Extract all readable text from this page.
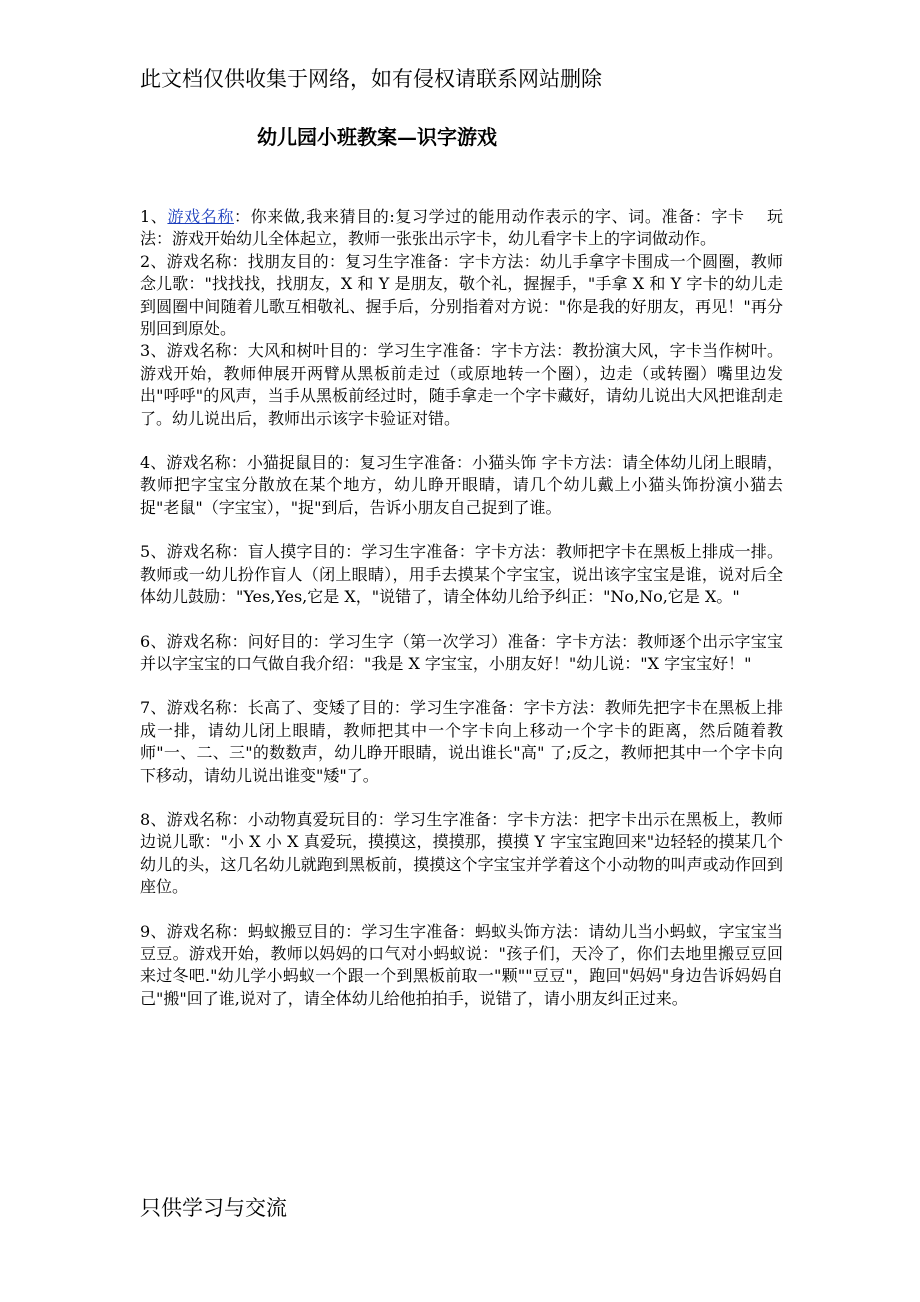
此文档仅供收集于网络，如有侵权请联系网站删除
幼儿园小班教案—识字游戏

1、游戏名称：你来做,我来猜目的:复习学过的能用动作表示的字、词。准备：字卡　 玩法：游戏开始幼儿全体起立，教师一张张出示字卡，幼儿看字卡上的字词做动作。

2、游戏名称：找朋友目的：复习生字准备：字卡方法：幼儿手拿字卡围成一个圆圈，教师念儿歌："找找找，找朋友，X 和 Y 是朋友，敬个礼，握握手，"手拿 X 和 Y 字卡的幼儿走到圆圈中间随着儿歌互相敬礼、握手后，分别指着对方说："你是我的好朋友，再见！"再分别回到原处。

3、游戏名称：大风和树叶目的：学习生字准备：字卡方法：教扮演大风，字卡当作树叶。游戏开始，教师伸展开两臂从黑板前走过（或原地转一个圈），边走（或转圈）嘴里边发出"呼呼"的风声，当手从黑板前经过时，随手拿走一个字卡藏好，请幼儿说出大风把谁刮走了。幼儿说出后，教师出示该字卡验证对错。

4、游戏名称：小猫捉鼠目的：复习生字准备：小猫头饰 字卡方法：请全体幼儿闭上眼睛，教师把字宝宝分散放在某个地方，幼儿睁开眼睛，请几个幼儿戴上小猫头饰扮演小猫去捉"老鼠"（字宝宝），"捉"到后，告诉小朋友自己捉到了谁。

5、游戏名称：盲人摸字目的：学习生字准备：字卡方法：教师把字卡在黑板上排成一排。教师或一幼儿扮作盲人（闭上眼睛），用手去摸某个字宝宝，说出该字宝宝是谁，说对后全体幼儿鼓励："Yes,Yes,它是 X，"说错了，请全体幼儿给予纠正："No,No,它是 X。"

6、游戏名称：问好目的：学习生字（第一次学习）准备：字卡方法：教师逐个出示字宝宝并以字宝宝的口气做自我介绍："我是 X 字宝宝，小朋友好！"幼儿说："X 字宝宝好！"

7、游戏名称：长高了、变矮了目的：学习生字准备：字卡方法：教师先把字卡在黑板上排成一排，请幼儿闭上眼睛，教师把其中一个字卡向上移动一个字卡的距离，然后随着教师"一、二、三"的数数声，幼儿睁开眼睛，说出谁长"高" 了;反之，教师把其中一个字卡向下移动，请幼儿说出谁变"矮"了。

8、游戏名称：小动物真爱玩目的：学习生字准备：字卡方法：把字卡出示在黑板上，教师边说儿歌："小 X 小 X 真爱玩，摸摸这，摸摸那，摸摸 Y 字宝宝跑回来"边轻轻的摸某几个幼儿的头，这几名幼儿就跑到黑板前，摸摸这个字宝宝并学着这个小动物的叫声或动作回到座位。

9、游戏名称：蚂蚁搬豆目的：学习生字准备：蚂蚁头饰方法：请幼儿当小蚂蚁，字宝宝当豆豆。游戏开始，教师以妈妈的口气对小蚂蚁说："孩子们，天冷了，你们去地里搬豆豆回来过冬吧."幼儿学小蚂蚁一个跟一个到黑板前取一"颗""豆豆"，跑回"妈妈"身边告诉妈妈自己"搬"回了谁,说对了，请全体幼儿给他拍拍手，说错了，请小朋友纠正过来。

只供学习与交流
